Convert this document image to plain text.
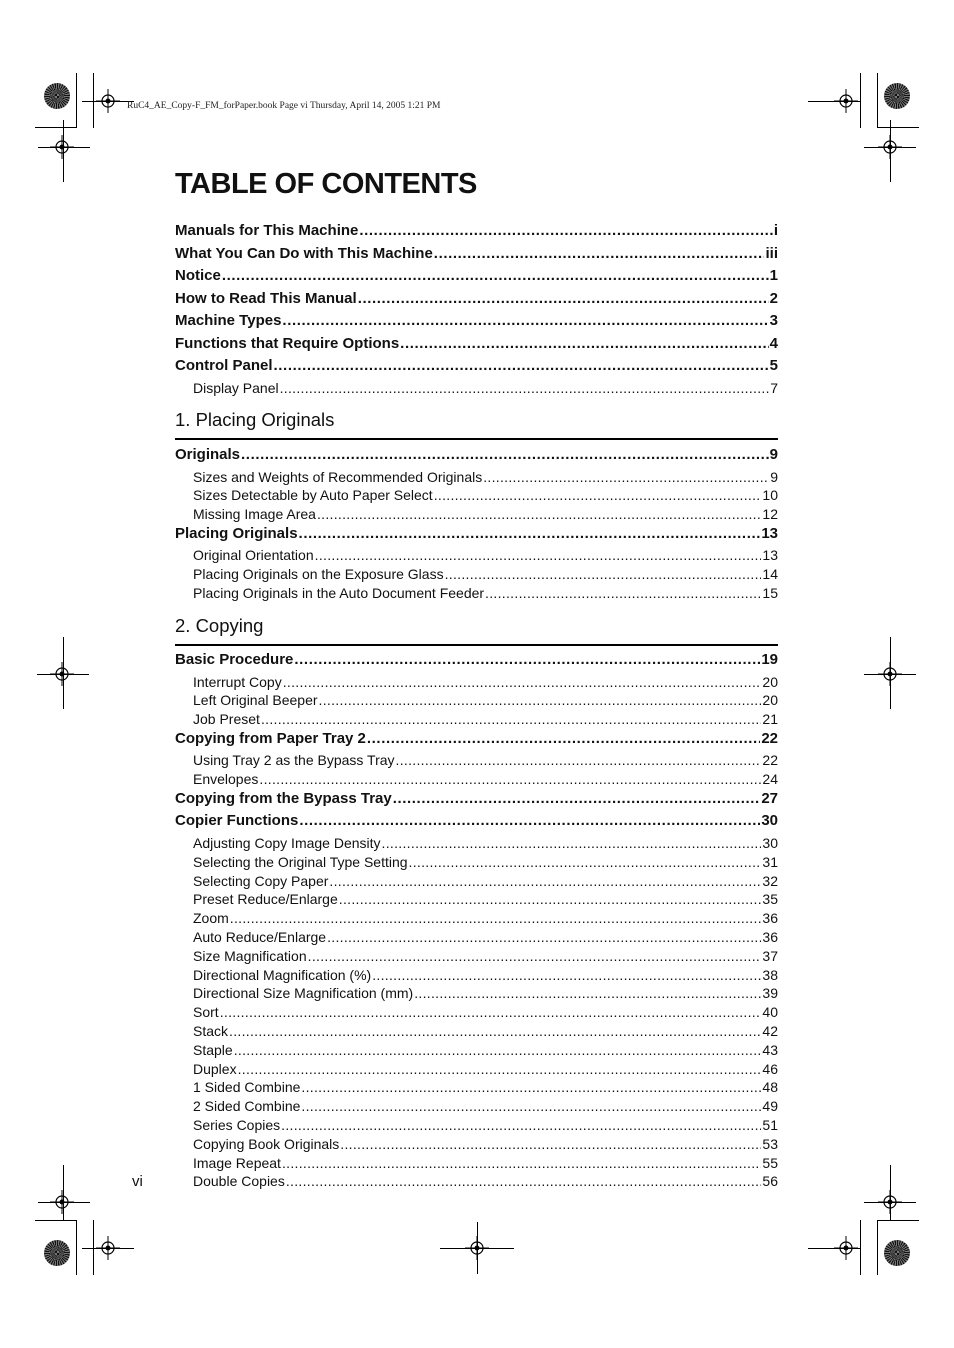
RuC4_AE_Copy-F_FM_forPaper.book Page vi Thursday, April 14, 2005 1:21 PM
TABLE OF CONTENTS
Manuals for This Machine .....	i
What You Can Do with This Machine .....	iii
Notice .....	1
How to Read This Manual .....	2
Machine Types .....	3
Functions that Require Options .....	4
Control Panel .....	5
Display Panel .....	7
1. Placing Originals
Originals .....	9
Sizes and Weights of Recommended Originals .....	9
Sizes Detectable by Auto Paper Select .....	10
Missing Image Area .....	12
Placing Originals .....	13
Original Orientation .....	13
Placing Originals on the Exposure Glass .....	14
Placing Originals in the Auto Document Feeder .....	15
2. Copying
Basic Procedure .....	19
Interrupt Copy .....	20
Left Original Beeper .....	20
Job Preset .....	21
Copying from Paper Tray 2 .....	22
Using Tray 2 as the Bypass Tray .....	22
Envelopes .....	24
Copying from the Bypass Tray .....	27
Copier Functions .....	30
Adjusting Copy Image Density .....	30
Selecting the Original Type Setting .....	31
Selecting Copy Paper .....	32
Preset Reduce/Enlarge .....	35
Zoom .....	36
Auto Reduce/Enlarge .....	36
Size Magnification .....	37
Directional Magnification (%) .....	38
Directional Size Magnification (mm) .....	39
Sort .....	40
Stack .....	42
Staple .....	43
Duplex .....	46
1 Sided Combine .....	48
2 Sided Combine .....	49
Series Copies .....	51
Copying Book Originals .....	53
Image Repeat .....	55
Double Copies .....	56
vi
